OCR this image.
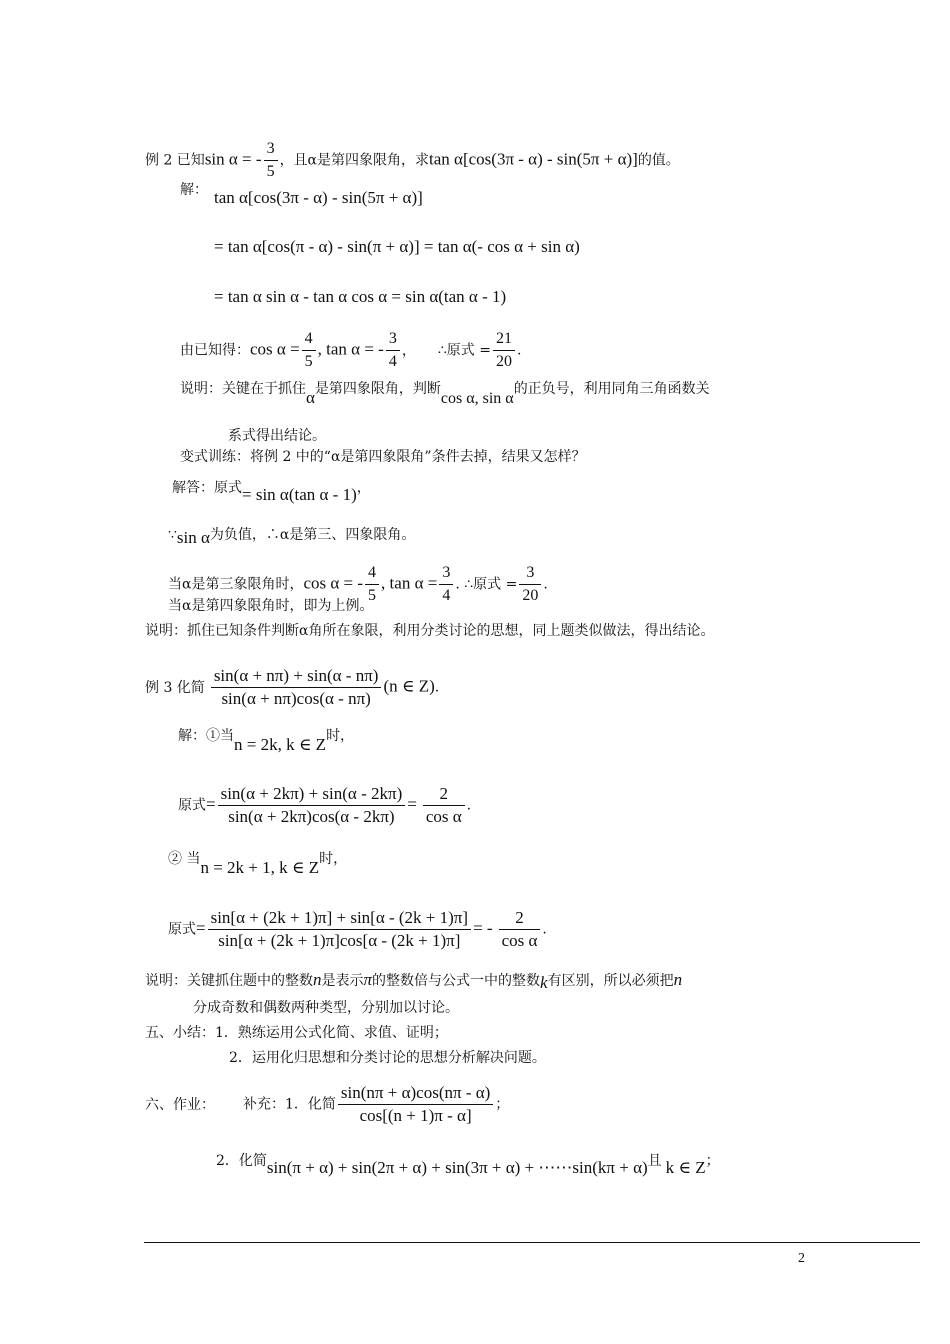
例 2 已知sin α = - $\frac{3}{5}$ ，且α是第四象限角，求tan α[cos(3π - α) - sin(5π + α)]的值。
解： tan α[cos(3π - α) - sin(5π + α)]
= tan α[cos(π - α) - sin(π + α)] = tan α(- cos α + sin α)
= tan α sin α - tan α cos α = sin α(tan α - 1)
由已知得：$\cos \alpha = \frac{4}{5}$ , tan α = - $\frac{3}{4}$ ， ∴原式 = $\frac{21}{20}$ .
说明：关键在于抓住α是第四象限角，判断cos α, sin α的正负号，利用同角三角函数关
系式得出结论。
变式训练：将例 2 中的“α是第四象限角”条件去掉，结果又怎样？
解答：原式= sin α(tan α - 1)，
∵sin α为负值，∴α是第三、四象限角。
当α是第三象限角时，cos α = - $\frac{4}{5}$ , $\tan \alpha = \frac{3}{4}$ . ∴原式 = $\frac{3}{20}$ .
当α是第四象限角时，即为上例。
说明：抓住已知条件判断α角所在象限，利用分类讨论的思想，同上题类似做法，得出结论。
例 3 化简 $\frac{\sin(\alpha + n\pi) + \sin(\alpha - n\pi)}{\sin(\alpha + n\pi)\cos(\alpha - n\pi)} (n$ ∈ Z).
解：①当n = 2k, k ∈ Z时，
原式= $\frac{\sin(\alpha + 2k\pi) + \sin(\alpha - 2k\pi)}{\sin(\alpha + 2k\pi)\cos(\alpha - 2k\pi)} = \frac{2}{\text{cos α}}$ .
② 当n = 2k + 1, k ∈ Z时，
原式= $\frac{\sin[\alpha + (2k + 1)\pi] + \sin[\alpha - (2k + 1)\pi]}{\sin[\alpha + (2k + 1)\pi]\cos[\alpha - (2k + 1)\pi]}$ = - $\frac{2}{\text{cos α}}$ .
说明：关键抓住题中的整数n是表示π的整数倍与公式一中的整数k有区别，所以必须把n
分成奇数和偶数两种类型，分别加以讨论。
五、小结：1．熟练运用公式化简、求值、证明；
2．运用化归思想和分类讨论的思想分析解决问题。
六、作业： 补充：1．化简 $\frac{\sin(n\pi + \alpha)\cos(n\pi - \alpha)}{\cos[(n + 1)\pi - \alpha]}$ ；
2．化简sin(π + α) + sin(2π + α) + sin(3π + α) + ⋯⋯sin(kπ + α)且 k ∈ Z；
2
